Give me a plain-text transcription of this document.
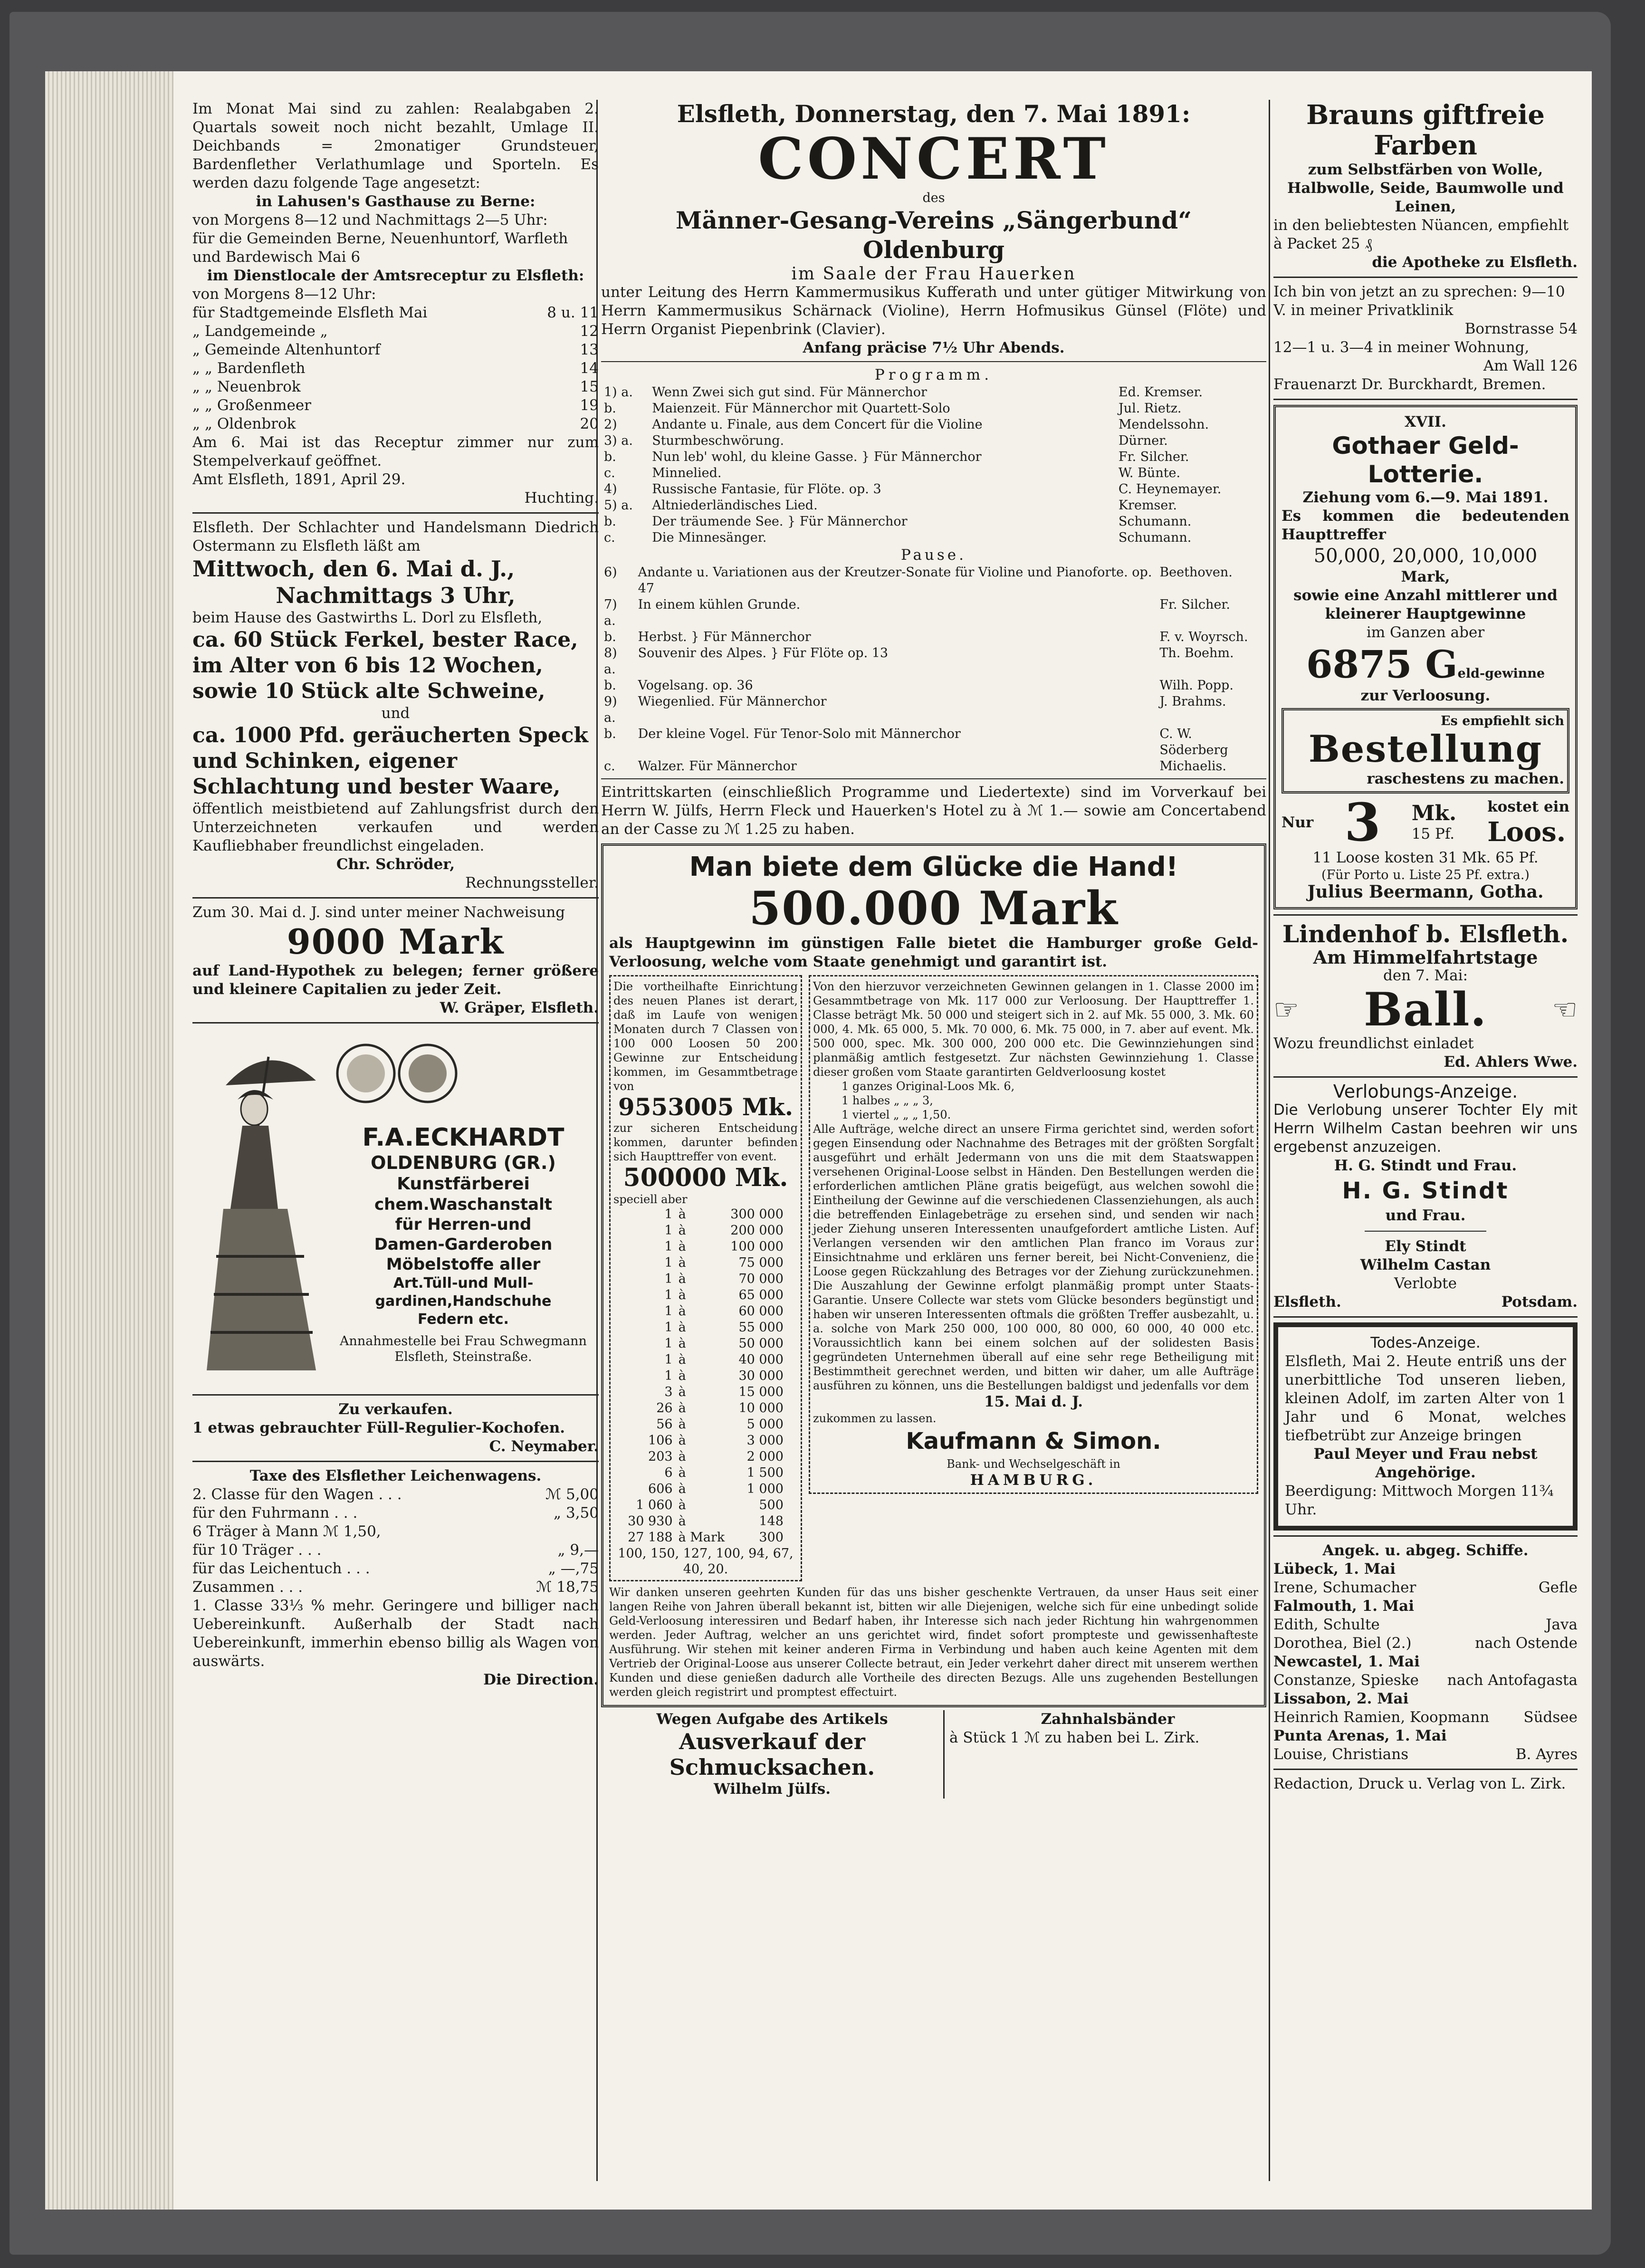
Im Monat Mai sind zu zahlen: Realabgaben 2. Quartals soweit noch nicht bezahlt, Umlage II. Deichbands = 2monatiger Grundsteuer, Bardenflether Verlathumlage und Sporteln. Es werden dazu folgende Tage angesetzt:

in Lahusen's Gasthause zu Berne:

von Morgens 8—12 und Nachmittags 2—5 Uhr:

für die Gemeinden Berne, Neuenhuntorf, Warfleth und Bardewisch Mai 6

im Dienstlocale der Amtsreceptur zu Elsfleth:

von Morgens 8—12 Uhr:

für Stadtgemeinde Elsfleth Mai	8 u. 11
„ Landgemeinde „	12
„ Gemeinde Altenhuntorf	13
„ „ Bardenfleth	14
„ „ Neuenbrok	15
„ „ Großenmeer	19
„ „ Oldenbrok	20

Am 6. Mai ist das Receptur zimmer nur zum Stempelverkauf geöffnet.

Amt Elsfleth, 1891, April 29.

Huchting.

Elsfleth. Der Schlachter und Handelsmann Diedrich Ostermann zu Elsfleth läßt am

Mittwoch, den 6. Mai d. J.,

Nachmittags 3 Uhr,

beim Hause des Gastwirths L. Dorl zu Elsfleth,

ca. 60 Stück Ferkel, bester Race, im Alter von 6 bis 12 Wochen, sowie 10 Stück alte Schweine,

und

ca. 1000 Pfd. geräucherten Speck und Schinken, eigener Schlachtung und bester Waare,

öffentlich meistbietend auf Zahlungsfrist durch den Unterzeichneten verkaufen und werden Kaufliebhaber freundlichst eingeladen.

Chr. Schröder,

Rechnungssteller.

Zum 30. Mai d. J. sind unter meiner Nachweisung

9000 Mark

auf Land-Hypothek zu belegen; ferner größere und kleinere Capitalien zu jeder Zeit.

W. Gräper, Elsfleth.

F.A.ECKHARDT

OLDENBURG (GR.)

Kunstfärberei

chem.Waschanstalt

für Herren-und

Damen-Garderoben

Möbelstoffe aller

Art.Tüll-und Mull-

gardinen,Handschuhe

Federn etc.

Annahmestelle bei Frau Schwegmann Elsfleth, Steinstraße.

Zu verkaufen.

1 etwas gebrauchter Füll-Regulier-Kochofen.

C. Neymaber.

Taxe des Elsflether Leichenwagens.

2. Classe für den Wagen . . .	ℳ 5,00
für den Fuhrmann . . .	„ 3,50
6 Träger à Mann ℳ 1,50,
für 10 Träger . . .	„ 9,—
für das Leichentuch . . .	„ —,75
Zusammen . . .	ℳ 18,75

1. Classe 33⅓ % mehr. Geringere und billiger nach Uebereinkunft. Außerhalb der Stadt nach Uebereinkunft, immerhin ebenso billig als Wagen von auswärts.

Die Direction.

Elsfleth, Donnerstag, den 7. Mai 1891:

CONCERT

des

Männer-Gesang-Vereins „Sängerbund“ Oldenburg

im Saale der Frau Hauerken

unter Leitung des Herrn Kammermusikus Kufferath und unter gütiger Mitwirkung von Herrn Kammermusikus Schärnack (Violine), Herrn Hofmusikus Günsel (Flöte) und Herrn Organist Piepenbrink (Clavier).

Anfang präcise 7½ Uhr Abends.

Programm.

1) a.	Wenn Zwei sich gut sind. Für Männerchor	Ed. Kremser.
b.	Maienzeit. Für Männerchor mit Quartett-Solo	Jul. Rietz.
2)	Andante u. Finale, aus dem Concert für die Violine	Mendelssohn.
3) a.	Sturmbeschwörung.	Dürner.
b.	Nun leb' wohl, du kleine Gasse. } Für Männerchor	Fr. Silcher.
c.	Minnelied.	W. Bünte.
4)	Russische Fantasie, für Flöte. op. 3	C. Heynemayer.
5) a.	Altniederländisches Lied.	Kremser.
b.	Der träumende See. } Für Männerchor	Schumann.
c.	Die Minnesänger.	Schumann.

Pause.

6)	Andante u. Variationen aus der Kreutzer-Sonate für Violine und Pianoforte. op. 47	Beethoven.
7) a.	In einem kühlen Grunde.	Fr. Silcher.
b.	Herbst. } Für Männerchor	F. v. Woyrsch.
8) a.	Souvenir des Alpes. } Für Flöte op. 13	Th. Boehm.
b.	Vogelsang. op. 36	Wilh. Popp.
9) a.	Wiegenlied. Für Männerchor	J. Brahms.
b.	Der kleine Vogel. Für Tenor-Solo mit Männerchor	C. W. Söderberg
c.	Walzer. Für Männerchor	Michaelis.

Eintrittskarten (einschließlich Programme und Liedertexte) sind im Vorverkauf bei Herrn W. Jülfs, Herrn Fleck und Hauerken's Hotel zu à ℳ 1.— sowie am Concertabend an der Casse zu ℳ 1.25 zu haben.

Man biete dem Glücke die Hand!

500.000 Mark

als Hauptgewinn im günstigen Falle bietet die Hamburger große Geld-Verloosung, welche vom Staate genehmigt und garantirt ist.

Die vortheilhafte Einrichtung des neuen Planes ist derart, daß im Laufe von wenigen Monaten durch 7 Classen von 100 000 Loosen 50 200 Gewinne zur Entscheidung kommen, im Gesammtbetrage von

9553005 Mk.

zur sicheren Entscheidung kommen, darunter befinden sich Haupttreffer von event.

500000 Mk.

speciell aber

1	à	300 000
1	à	200 000
1	à	100 000
1	à	75 000
1	à	70 000
1	à	65 000
1	à	60 000
1	à	55 000
1	à	50 000
1	à	40 000
1	à	30 000
3	à	15 000
26	à	10 000
56	à	5 000
106	à	3 000
203	à	2 000
6	à	1 500
606	à	1 000
1 060	à	500
30 930	à	148
27 188	à Mark	300

100, 150, 127, 100, 94, 67, 40, 20.

Von den hierzuvor verzeichneten Gewinnen gelangen in 1. Classe 2000 im Gesammtbetrage von Mk. 117 000 zur Verloosung. Der Haupttreffer 1. Classe beträgt Mk. 50 000 und steigert sich in 2. auf Mk. 55 000, 3. Mk. 60 000, 4. Mk. 65 000, 5. Mk. 70 000, 6. Mk. 75 000, in 7. aber auf event. Mk. 500 000, spec. Mk. 300 000, 200 000 etc. Die Gewinnziehungen sind planmäßig amtlich festgesetzt. Zur nächsten Gewinnziehung 1. Classe dieser großen vom Staate garantirten Geldverloosung kostet

1 ganzes Original-Loos Mk. 6,

1 halbes „ „ „ 3,

1 viertel „ „ „ 1,50.

Alle Aufträge, welche direct an unsere Firma gerichtet sind, werden sofort gegen Einsendung oder Nachnahme des Betrages mit der größten Sorgfalt ausgeführt und erhält Jedermann von uns die mit dem Staatswappen versehenen Original-Loose selbst in Händen. Den Bestellungen werden die erforderlichen amtlichen Pläne gratis beigefügt, aus welchen sowohl die Eintheilung der Gewinne auf die verschiedenen Classenziehungen, als auch die betreffenden Einlagebeträge zu ersehen sind, und senden wir nach jeder Ziehung unseren Interessenten unaufgefordert amtliche Listen. Auf Verlangen versenden wir den amtlichen Plan franco im Voraus zur Einsichtnahme und erklären uns ferner bereit, bei Nicht-Convenienz, die Loose gegen Rückzahlung des Betrages vor der Ziehung zurückzunehmen. Die Auszahlung der Gewinne erfolgt planmäßig prompt unter Staats-Garantie. Unsere Collecte war stets vom Glücke besonders begünstigt und haben wir unseren Interessenten oftmals die größten Treffer ausbezahlt, u. a. solche von Mark 250 000, 100 000, 80 000, 60 000, 40 000 etc. Voraussichtlich kann bei einem solchen auf der solidesten Basis gegründeten Unternehmen überall auf eine sehr rege Betheiligung mit Bestimmtheit gerechnet werden, und bitten wir daher, um alle Aufträge ausführen zu können, uns die Bestellungen baldigst und jedenfalls vor dem

15. Mai d. J.

zukommen zu lassen.

Kaufmann & Simon.

Bank- und Wechselgeschäft in

HAMBURG.

Wir danken unseren geehrten Kunden für das uns bisher geschenkte Vertrauen, da unser Haus seit einer langen Reihe von Jahren überall bekannt ist, bitten wir alle Diejenigen, welche sich für eine unbedingt solide Geld-Verloosung interessiren und Bedarf haben, ihr Interesse sich nach jeder Richtung hin wahrgenommen werden. Jeder Auftrag, welcher an uns gerichtet wird, findet sofort prompteste und gewissenhafteste Ausführung. Wir stehen mit keiner anderen Firma in Verbindung und haben auch keine Agenten mit dem Vertrieb der Original-Loose aus unserer Collecte betraut, ein Jeder verkehrt daher direct mit unserem werthen Kunden und diese genießen dadurch alle Vortheile des directen Bezugs. Alle uns zugehenden Bestellungen werden gleich registrirt und promptest effectuirt.

Wegen Aufgabe des Artikels

Ausverkauf der Schmucksachen.

Wilhelm Jülfs.

Zahnhalsbänder

à Stück 1 ℳ zu haben bei L. Zirk.

Brauns giftfreie Farben

zum Selbstfärben von Wolle, Halbwolle, Seide, Baumwolle und Leinen,

in den beliebtesten Nüancen, empfiehlt à Packet 25 ₰

die Apotheke zu Elsfleth.

Ich bin von jetzt an zu sprechen: 9—10 V. in meiner Privatklinik

Bornstrasse 54

12—1 u. 3—4 in meiner Wohnung,

Am Wall 126

Frauenarzt Dr. Burckhardt, Bremen.

XVII.

Gothaer Geld-Lotterie.

Ziehung vom 6.—9. Mai 1891.

Es kommen die bedeutenden Haupttreffer

50,000, 20,000, 10,000

Mark,

sowie eine Anzahl mittlerer und kleinerer Hauptgewinne

im Ganzen aber

6875 Geld-gewinne

zur Verloosung.

Es empfiehlt sich

Bestellung

raschestens zu machen.

Nur 3 Mk.
15 Pf.
kostet ein
Loos.

11 Loose kosten 31 Mk. 65 Pf.

(Für Porto u. Liste 25 Pf. extra.)

Julius Beermann, Gotha.

Lindenhof b. Elsfleth.

Am Himmelfahrtstage

den 7. Mai:

☞ Ball. ☜

Wozu freundlichst einladet

Ed. Ahlers Wwe.

Verlobungs-Anzeige.

Die Verlobung unserer Tochter Ely mit Herrn Wilhelm Castan beehren wir uns ergebenst anzuzeigen.

H. G. Stindt und Frau.

H. G. Stindt

und Frau.

Ely Stindt

Wilhelm Castan

Verlobte

Elsfleth.	Potsdam.

Todes-Anzeige.

Elsfleth, Mai 2. Heute entriß uns der unerbittliche Tod unseren lieben, kleinen Adolf, im zarten Alter von 1 Jahr und 6 Monat, welches tiefbetrübt zur Anzeige bringen

Paul Meyer und Frau nebst Angehörige.

Beerdigung: Mittwoch Morgen 11¾ Uhr.

Angek. u. abgeg. Schiffe.

Lübeck, 1. Mai

Irene, Schumacher	Gefle

Falmouth, 1. Mai

Edith, Schulte	Java

Dorothea, Biel (2.)	nach Ostende

Newcastel, 1. Mai

Constanze, Spieske nach Antofagasta

Lissabon, 2. Mai

Heinrich Ramien, Koopmann Südsee

Punta Arenas, 1. Mai

Louise, Christians	B. Ayres

Redaction, Druck u. Verlag von L. Zirk.
